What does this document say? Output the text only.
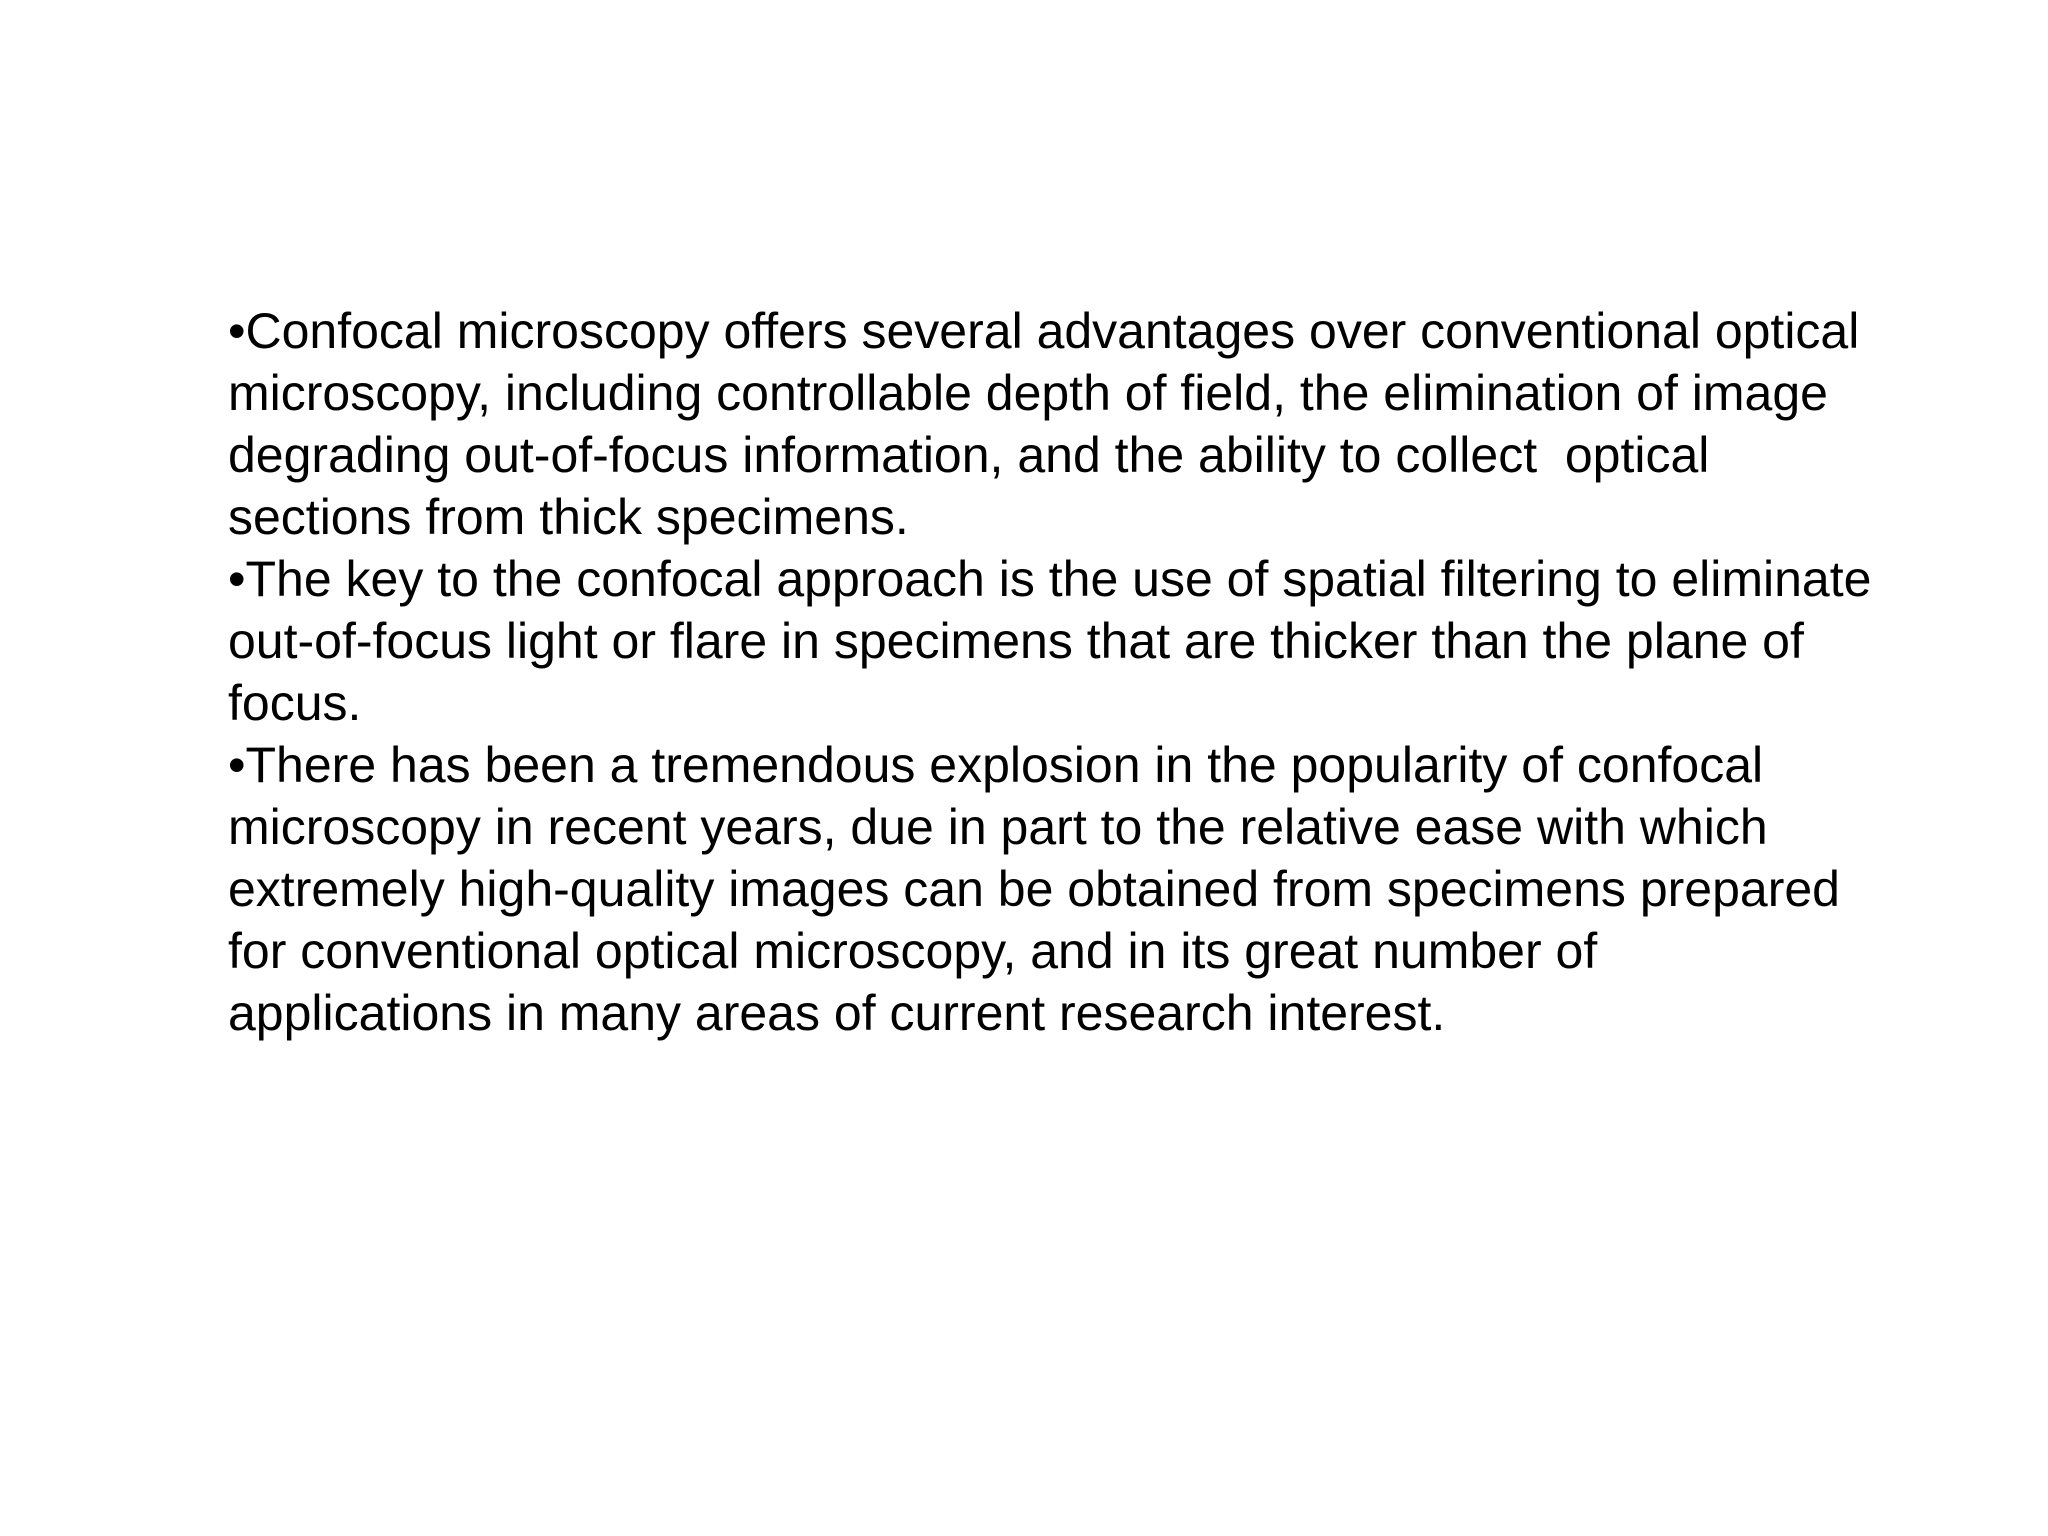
•Confocal microscopy offers several advantages over conventional optical
microscopy, including controllable depth of field, the elimination of image
degrading out-of-focus information, and the ability to collect  optical
sections from thick specimens.

•The key to the confocal approach is the use of spatial filtering to eliminate
out-of-focus light or flare in specimens that are thicker than the plane of
focus.

•There has been a tremendous explosion in the popularity of confocal
microscopy in recent years, due in part to the relative ease with which
extremely high-quality images can be obtained from specimens prepared
for conventional optical microscopy, and in its great number of
applications in many areas of current research interest.
